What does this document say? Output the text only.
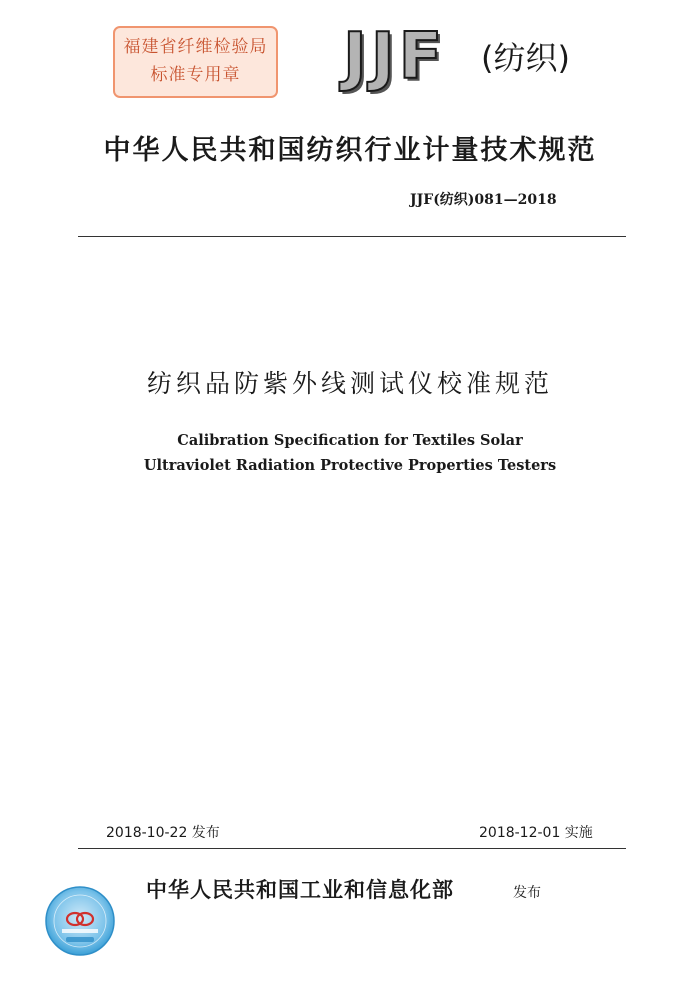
福建省纤维检验局
标准专用章	JJF (纺织)
中华人民共和国纺织行业计量技术规范
JJF(纺织)081—2018
纺织品防紫外线测试仪校准规范
Calibration Specification for Textiles Solar
Ultraviolet Radiation Protective Properties Testers
2018-10-22 发布	2018-12-01 实施
中华人民共和国工业和信息化部	发布
